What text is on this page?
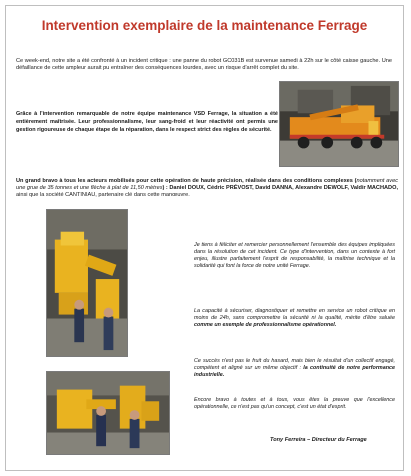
Intervention exemplaire de la maintenance Ferrage
Ce week-end, notre site a été confronté à un incident critique : une panne du robot GC031B est survenue samedi à 22h sur le côté caisse gauche. Une défaillance de cette ampleur aurait pu entraîner des conséquences lourdes, avec un risque d'arrêt complet du site.
Grâce à l'intervention remarquable de notre équipe maintenance VSD Ferrage, la situation a été entièrement maîtrisée. Leur professionnalisme, leur sang-froid et leur réactivité ont permis une gestion rigoureuse de chaque étape de la réparation, dans le respect strict des règles de sécurité.
Un grand bravo à tous les acteurs mobilisés pour cette opération de haute précision, réalisée dans des conditions complexes (notamment avec une grue de 35 tonnes et une flèche à plat de 11,50 mètres) : Daniel DOUX, Cédric PRÉVOST, David DANNA, Alexandre DEWOLF, Valdir MACHADO, ainsi que la société CANTINIAU, partenaire clé dans cette manœuvre.
Je tiens à féliciter et remercier personnellement l'ensemble des équipes impliquées dans la résolution de cet incident. Ce type d'intervention, dans un contexte à fort enjeu, illustre parfaitement l'esprit de responsabilité, la maîtrise technique et la solidarité qui font la force de notre unité Ferrage.
La capacité à sécuriser, diagnostiquer et remettre en service un robot critique en moins de 24h, sans compromettre la sécurité ni la qualité, mérite d'être saluée comme un exemple de professionnalisme opérationnel.
Ce succès n'est pas le fruit du hasard, mais bien le résultat d'un collectif engagé, compétent et aligné sur un même objectif : la continuité de notre performance industrielle.
Encore bravo à toutes et à tous, vous êtes la preuve que l'excellence opérationnelle, ce n'est pas qu'un concept, c'est un état d'esprit.
Tony Ferreira – Directeur du Ferrage
